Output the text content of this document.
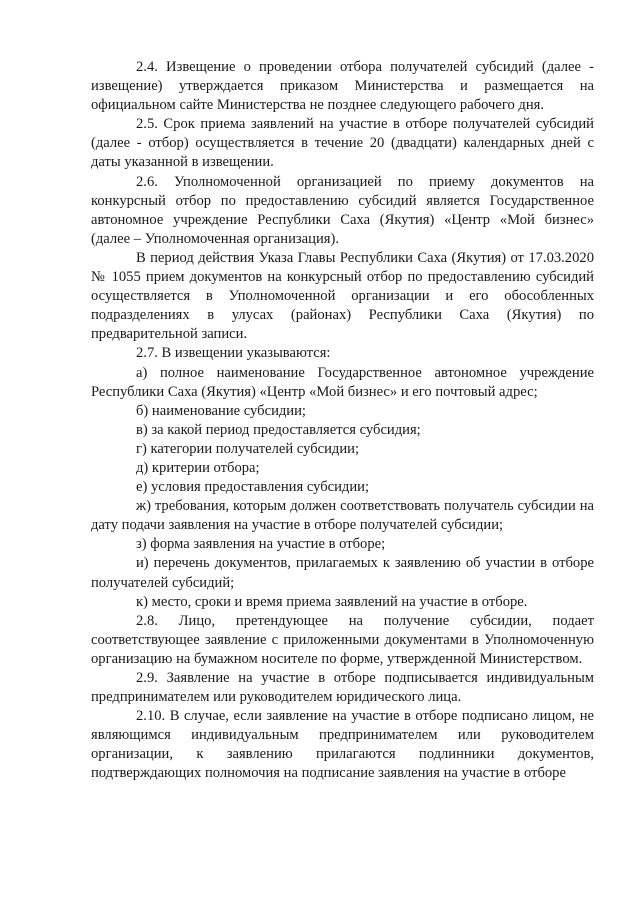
2.4. Извещение о проведении отбора получателей субсидий (далее - извещение) утверждается приказом Министерства и размещается на официальном сайте Министерства не позднее следующего рабочего дня.

2.5. Срок приема заявлений на участие в отборе получателей субсидий (далее - отбор) осуществляется в течение 20 (двадцати) календарных дней с даты указанной в извещении.

2.6. Уполномоченной организацией по приему документов на конкурсный отбор по предоставлению субсидий является Государственное автономное учреждение Республики Саха (Якутия) «Центр «Мой бизнес» (далее – Уполномоченная организация).

В период действия Указа Главы Республики Саха (Якутия) от 17.03.2020 № 1055 прием документов на конкурсный отбор по предоставлению субсидий осуществляется в Уполномоченной организации и его обособленных подразделениях в улусах (районах) Республики Саха (Якутия) по предварительной записи.

2.7. В извещении указываются:

а) полное наименование Государственное автономное учреждение Республики Саха (Якутия) «Центр «Мой бизнес» и его почтовый адрес;

б) наименование субсидии;

в) за какой период предоставляется субсидия;

г) категории получателей субсидии;

д) критерии отбора;

е) условия предоставления субсидии;

ж) требования, которым должен соответствовать получатель субсидии на дату подачи заявления на участие в отборе получателей субсидии;

з) форма заявления на участие в отборе;

и) перечень документов, прилагаемых к заявлению об участии в отборе получателей субсидий;

к) место, сроки и время приема заявлений на участие в отборе.

2.8. Лицо, претендующее на получение субсидии, подает соответствующее заявление с приложенными документами в Уполномоченную организацию на бумажном носителе по форме, утвержденной Министерством.

2.9. Заявление на участие в отборе подписывается индивидуальным предпринимателем или руководителем юридического лица.

2.10. В случае, если заявление на участие в отборе подписано лицом, не являющимся индивидуальным предпринимателем или руководителем организации, к заявлению прилагаются подлинники документов, подтверждающих полномочия на подписание заявления на участие в отборе
